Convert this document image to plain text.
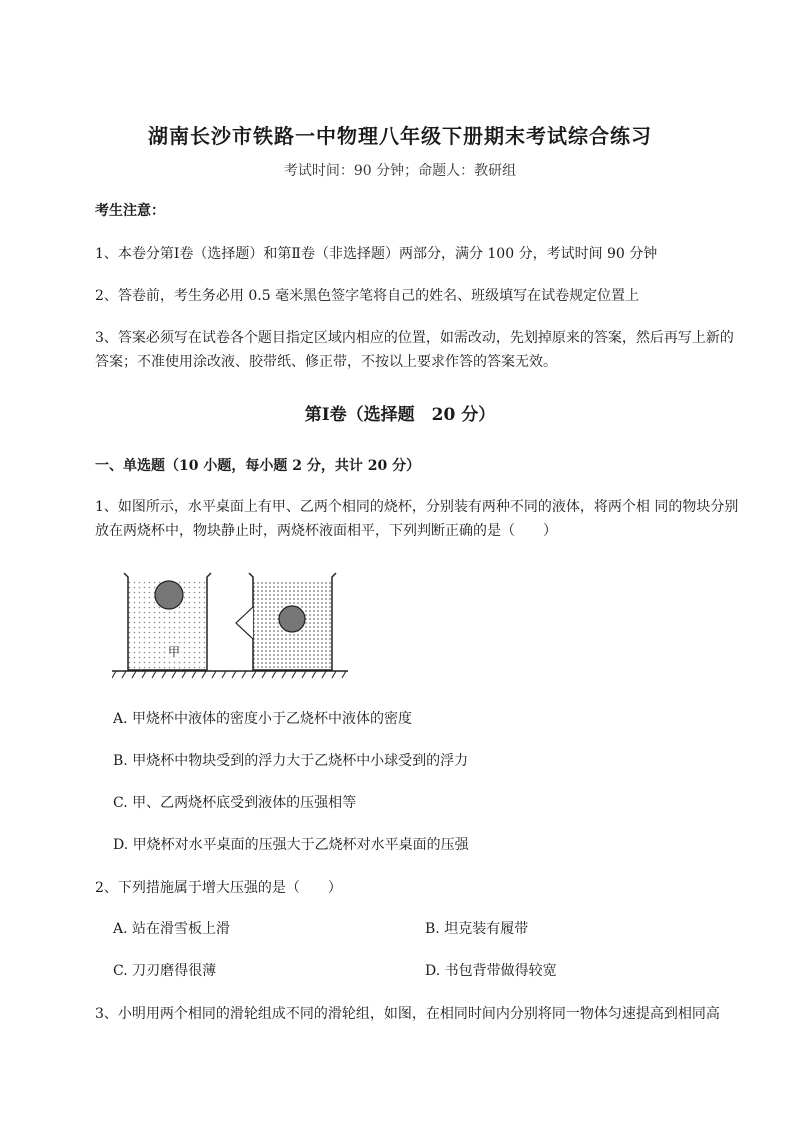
湖南长沙市铁路一中物理八年级下册期末考试综合练习
考试时间：90 分钟；命题人：教研组
考生注意：
1、本卷分第Ⅰ卷（选择题）和第Ⅱ卷（非选择题）两部分，满分 100 分，考试时间 90 分钟
2、答卷前，考生务必用 0.5 毫米黑色签字笔将自己的姓名、班级填写在试卷规定位置上
3、答案必须写在试卷各个题目指定区域内相应的位置，如需改动，先划掉原来的答案，然后再写上新的答案；不准使用涂改液、胶带纸、修正带，不按以上要求作答的答案无效。
第Ⅰ卷（选择题　20 分）
一、单选题（10 小题，每小题 2 分，共计 20 分）
1、如图所示，水平桌面上有甲、乙两个相同的烧杯，分别装有两种不同的液体，将两个相 同的物块分别放在两烧杯中，物块静止时，两烧杯液面相平，下列判断正确的是（　　）
甲
A. 甲烧杯中液体的密度小于乙烧杯中液体的密度
B. 甲烧杯中物块受到的浮力大于乙烧杯中小球受到的浮力
C. 甲、乙两烧杯底受到液体的压强相等
D. 甲烧杯对水平桌面的压强大于乙烧杯对水平桌面的压强
2、下列措施属于增大压强的是（　　）
A. 站在滑雪板上滑	B. 坦克装有履带
C. 刀刃磨得很薄	D. 书包背带做得较宽
3、小明用两个相同的滑轮组成不同的滑轮组，如图，在相同时间内分别将同一物体匀速提高到相同高
